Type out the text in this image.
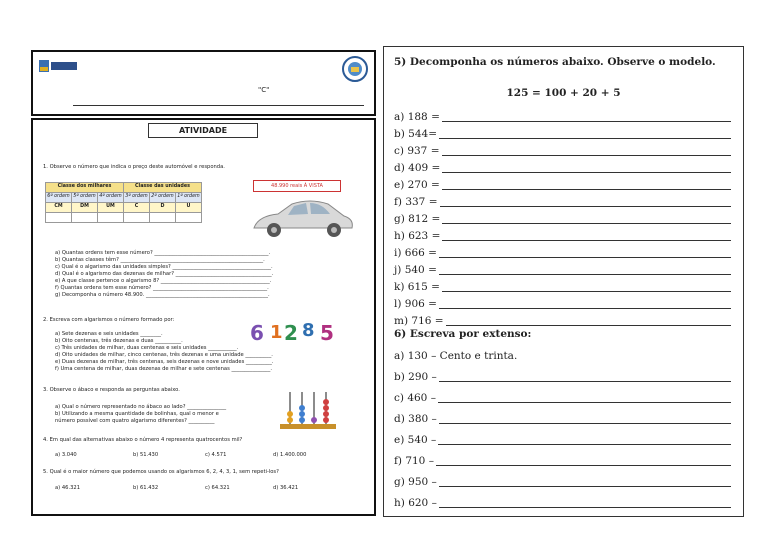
"C"
ATIVIDADE
1. Observe o número que indica o preço deste automóvel e responda.
Classe dos milhares			Classe das unidades		
6ª ordem	5ª ordem	4ª ordem	3ª ordem	2ª ordem	1ª ordem
CM	DM	UM	C	D	U

48.990 reais À VISTA
a) Quantas ordens tem esse número? ____________________________________________.
b) Quantas classes têm? _______________________________________________________.
c) Qual é o algarismo das unidades simples? ______________________________________.
d) Qual é o algarismo das dezenas de milhar? _____________________________________.
e) A que classe pertence o algarismo 8? __________________________________________.
f) Quantas ordens tem esse número? ____________________________________________.
g) Decomponha o número 48.900. _______________________________________________.
2. Escreva com algarismos o número formado por:
6 1 2 8 5
a) Sete dezenas e seis unidades ________.
b) Oito centenas, três dezenas e duas __________.
c) Três unidades de milhar, duas centenas e seis unidades ___________.
d) Oito unidades de milhar, cinco centenas, três dezenas e uma unidade __________.
e) Duas dezenas de milhar, três centenas, seis dezenas e nove unidades __________.
f) Uma centena de milhar, duas dezenas de milhar e sete centenas _______________.
3. Observe o ábaco e responda as perguntas abaixo.
a) Qual o número representado no ábaco ao lado? _______________
b) Utilizando a mesma quantidade de bolinhas, qual o menor e
número possível com quatro algarismo diferentes? __________
4. Em qual das alternativas abaixo o número 4 representa quatrocentos mil?
a) 3.040	b) 51.430	c) 4.571	d) 1.400.000
5. Qual é o maior número que podemos usando os algarismos 6, 2, 4, 3, 1, sem repeti-los?
a) 46.321	b) 61.432	c) 64.321	d) 36.421
5) Decomponha os números abaixo. Observe o modelo.
125 = 100 + 20 + 5
a) 188 =
b) 544=
c) 937 =
d) 409 =
e) 270 =
f) 337 =
g) 812 =
h) 623 =
i) 666 =
j) 540 =
k) 615 =
l) 906 =
m) 716 =
6) Escreva por extenso:
a) 130 – Cento e trinta.
b) 290 –
c) 460 –
d) 380 –
e) 540 –
f) 710 –
g) 950 –
h) 620 –
